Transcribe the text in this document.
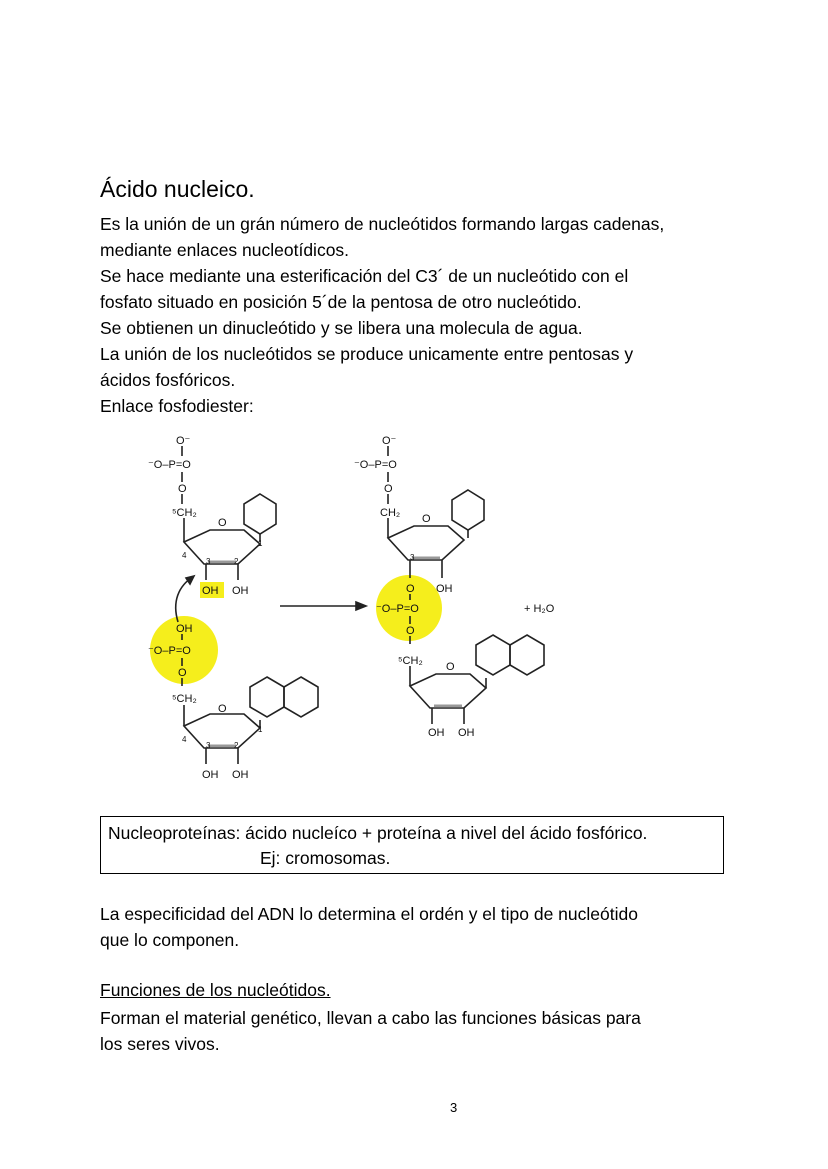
Ácido nucleico.
Es la unión de un grán número de nucleótidos formando largas cadenas,
mediante enlaces nucleotídicos.
Se hace mediante una esterificación del C3´ de un nucleótido con el
fosfato situado en posición 5´de la pentosa de otro nucleótido.
Se obtienen un dinucleótido y se libera una molecula de agua.
La unión de los nucleótidos se produce unicamente entre pentosas y
ácidos fosfóricos.
Enlace fosfodiester:
O⁻
⁻O–P=O
O
⁵CH₂
O
1
4
3	2
OH OH
OH
⁻O–P=O
O
⁵CH₂
O
1
4
3	2
OH OH
O⁻
⁻O–P=O
O
CH₂ O
3
O OH
⁻O–P=O
O
⁵CH₂ O
OH OH
+ H₂O
Nucleoproteínas: ácido nucleíco + proteína a nivel del ácido fosfórico.
Ej: cromosomas.
La especificidad del ADN lo determina el ordén y el tipo de nucleótido
que lo componen.
Funciones de los nucleótidos.
Forman el material genético, llevan a cabo las funciones básicas para
los seres vivos.
3
